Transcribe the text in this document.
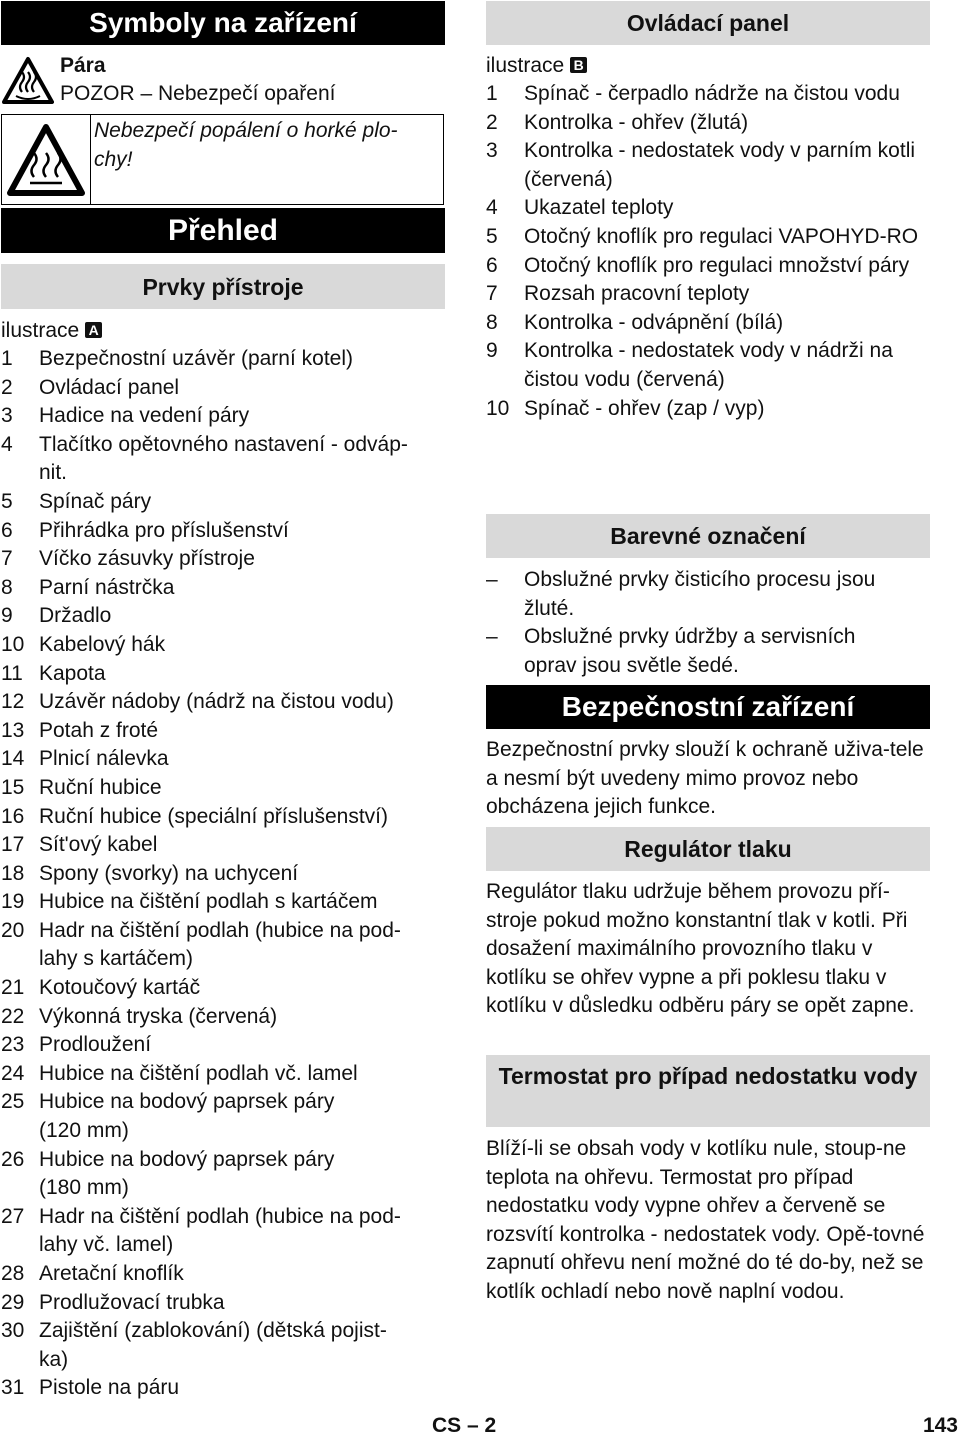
Symboly na zařízení
Pára
POZOR – Nebezpečí opaření
Nebezpečí popálení o horké plo-chy!
Přehled
Prvky přístroje
ilustrace A
1	Bezpečnostní uzávěr (parní kotel)
2	Ovládací panel
3	Hadice na vedení páry
4	Tlačítko opětovného nastavení - odváp-nit.
5	Spínač páry
6	Přihrádka pro příslušenství
7	Víčko zásuvky přístroje
8	Parní nástrčka
9	Držadlo
10 Kabelový hák
11 Kapota
12 Uzávěr nádoby (nádrž na čistou vodu)
13 Potah z froté
14 Plnicí nálevka
15 Ruční hubice
16 Ruční hubice (speciální příslušenství)
17 Sít'ový kabel
18 Spony (svorky) na uchycení
19 Hubice na čištění podlah s kartáčem
20 Hadr na čištění podlah (hubice na pod-lahy s kartáčem)
21 Kotoučový kartáč
22 Výkonná tryska (červená)
23 Prodloužení
24 Hubice na čištění podlah vč. lamel
25 Hubice na bodový paprsek páry (120 mm)
26 Hubice na bodový paprsek páry (180 mm)
27 Hadr na čištění podlah (hubice na pod-lahy vč. lamel)
28 Aretační knoflík
29 Prodlužovací trubka
30 Zajištění (zablokování) (dětská pojist-ka)
31 Pistole na páru
Ovládací panel
ilustrace B
1	Spínač - čerpadlo nádrže na čistou vodu
2	Kontrolka - ohřev (žlutá)
3	Kontrolka - nedostatek vody v parním kotli (červená)
4	Ukazatel teploty
5	Otočný knoflík pro regulaci VAPOHYD-RO
6	Otočný knoflík pro regulaci množství páry
7	Rozsah pracovní teploty
8	Kontrolka - odvápnění (bílá)
9	Kontrolka - nedostatek vody v nádrži na čistou vodu (červená)
10 Spínač - ohřev (zap / vyp)
Barevné označení
–	Obslužné prvky čisticího procesu jsou žluté.
–	Obslužné prvky údržby a servisních oprav jsou světle šedé.
Bezpečnostní zařízení
Bezpečnostní prvky slouží k ochraně uživa-tele a nesmí být uvedeny mimo provoz nebo obcházena jejich funkce.
Regulátor tlaku
Regulátor tlaku udržuje během provozu pří-stroje pokud možno konstantní tlak v kotli. Při dosažení maximálního provozního tlaku v kotlíku se ohřev vypne a při poklesu tlaku v kotlíku v důsledku odběru páry se opět zapne.
Termostat pro případ nedostatku vody
Blíží-li se obsah vody v kotlíku nule, stoup-ne teplota na ohřevu. Termostat pro případ nedostatku vody vypne ohřev a červeně se rozsvítí kontrolka - nedostatek vody. Opě-tovné zapnutí ohřevu není možné do té do-by, než se kotlík ochladí nebo nově naplní vodou.
CS – 2	143
